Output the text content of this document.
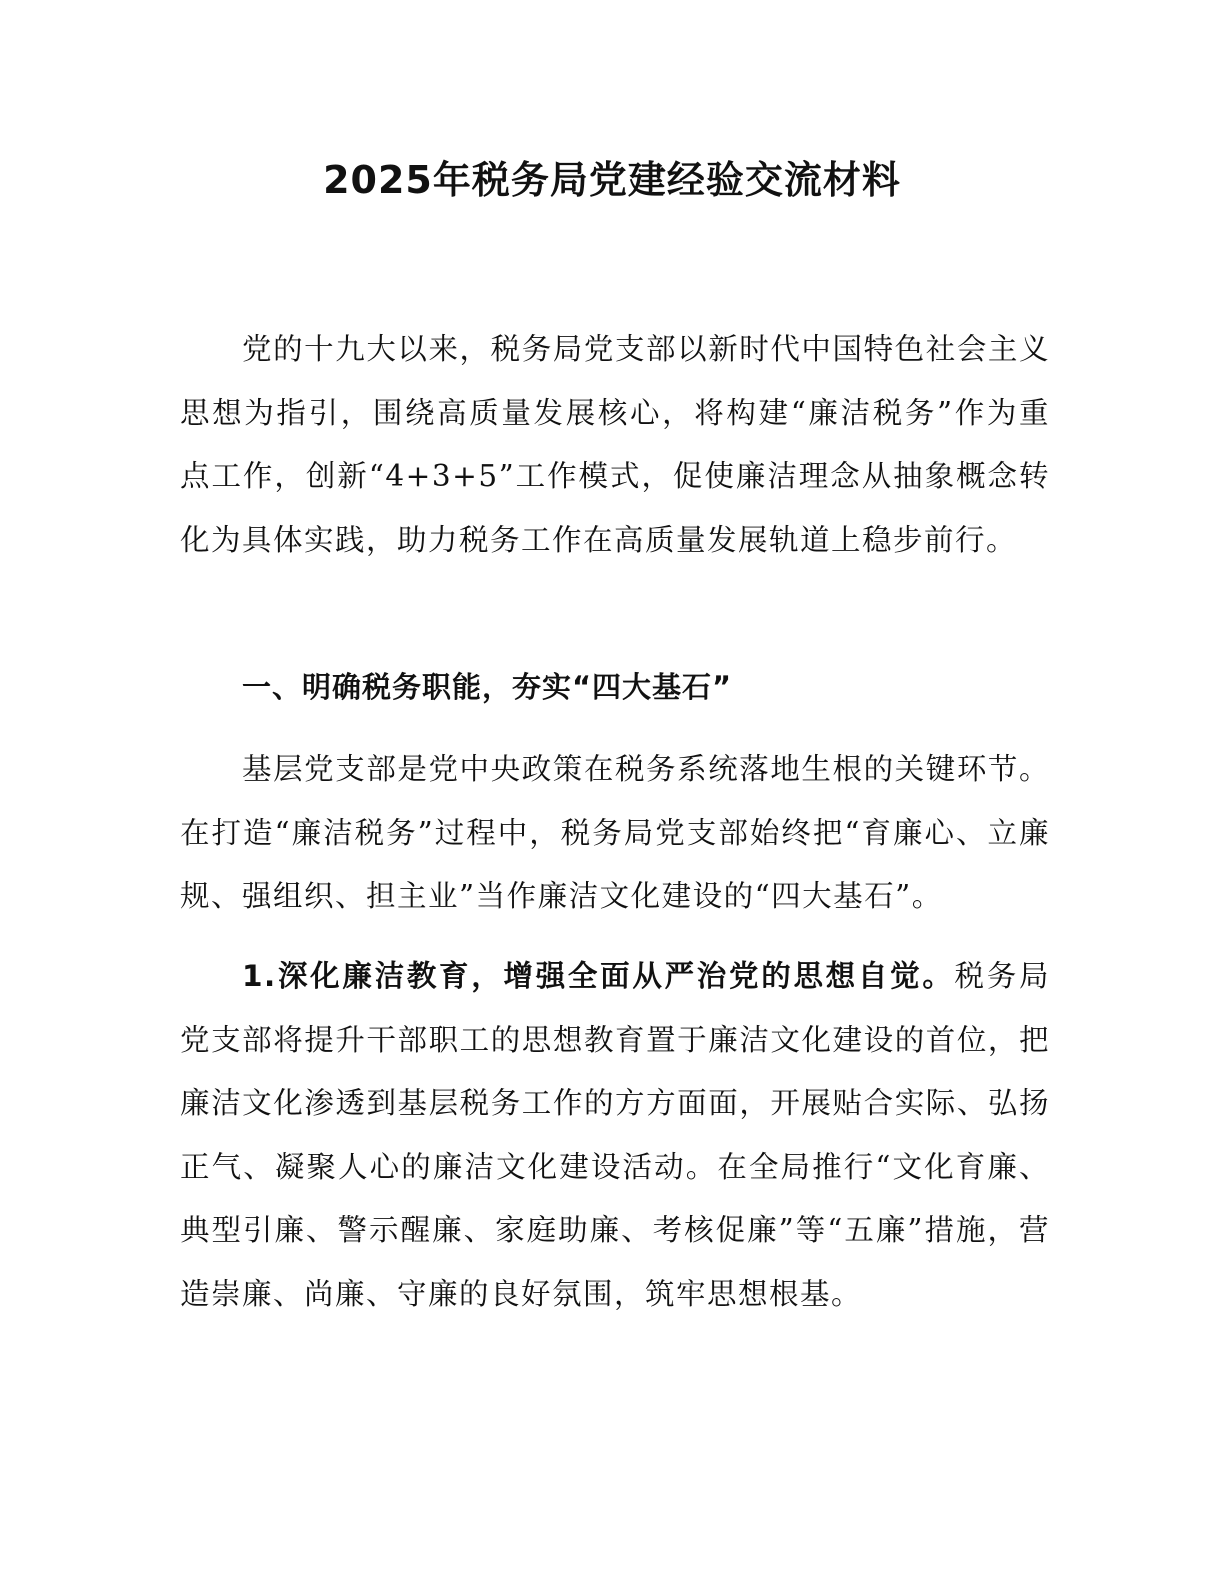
2025年税务局党建经验交流材料

党的十九大以来，税务局党支部以新时代中国特色社会主义思想为指引，围绕高质量发展核心，将构建“廉洁税务”作为重点工作，创新“4+3+5”工作模式，促使廉洁理念从抽象概念转化为具体实践，助力税务工作在高质量发展轨道上稳步前行。

一、明确税务职能，夯实“四大基石”

基层党支部是党中央政策在税务系统落地生根的关键环节。在打造“廉洁税务”过程中，税务局党支部始终把“育廉心、立廉规、强组织、担主业”当作廉洁文化建设的“四大基石”。

1.深化廉洁教育，增强全面从严治党的思想自觉。税务局党支部将提升干部职工的思想教育置于廉洁文化建设的首位，把廉洁文化渗透到基层税务工作的方方面面，开展贴合实际、弘扬正气、凝聚人心的廉洁文化建设活动。在全局推行“文化育廉、典型引廉、警示醒廉、家庭助廉、考核促廉”等“五廉”措施，营造崇廉、尚廉、守廉的良好氛围，筑牢思想根基。
